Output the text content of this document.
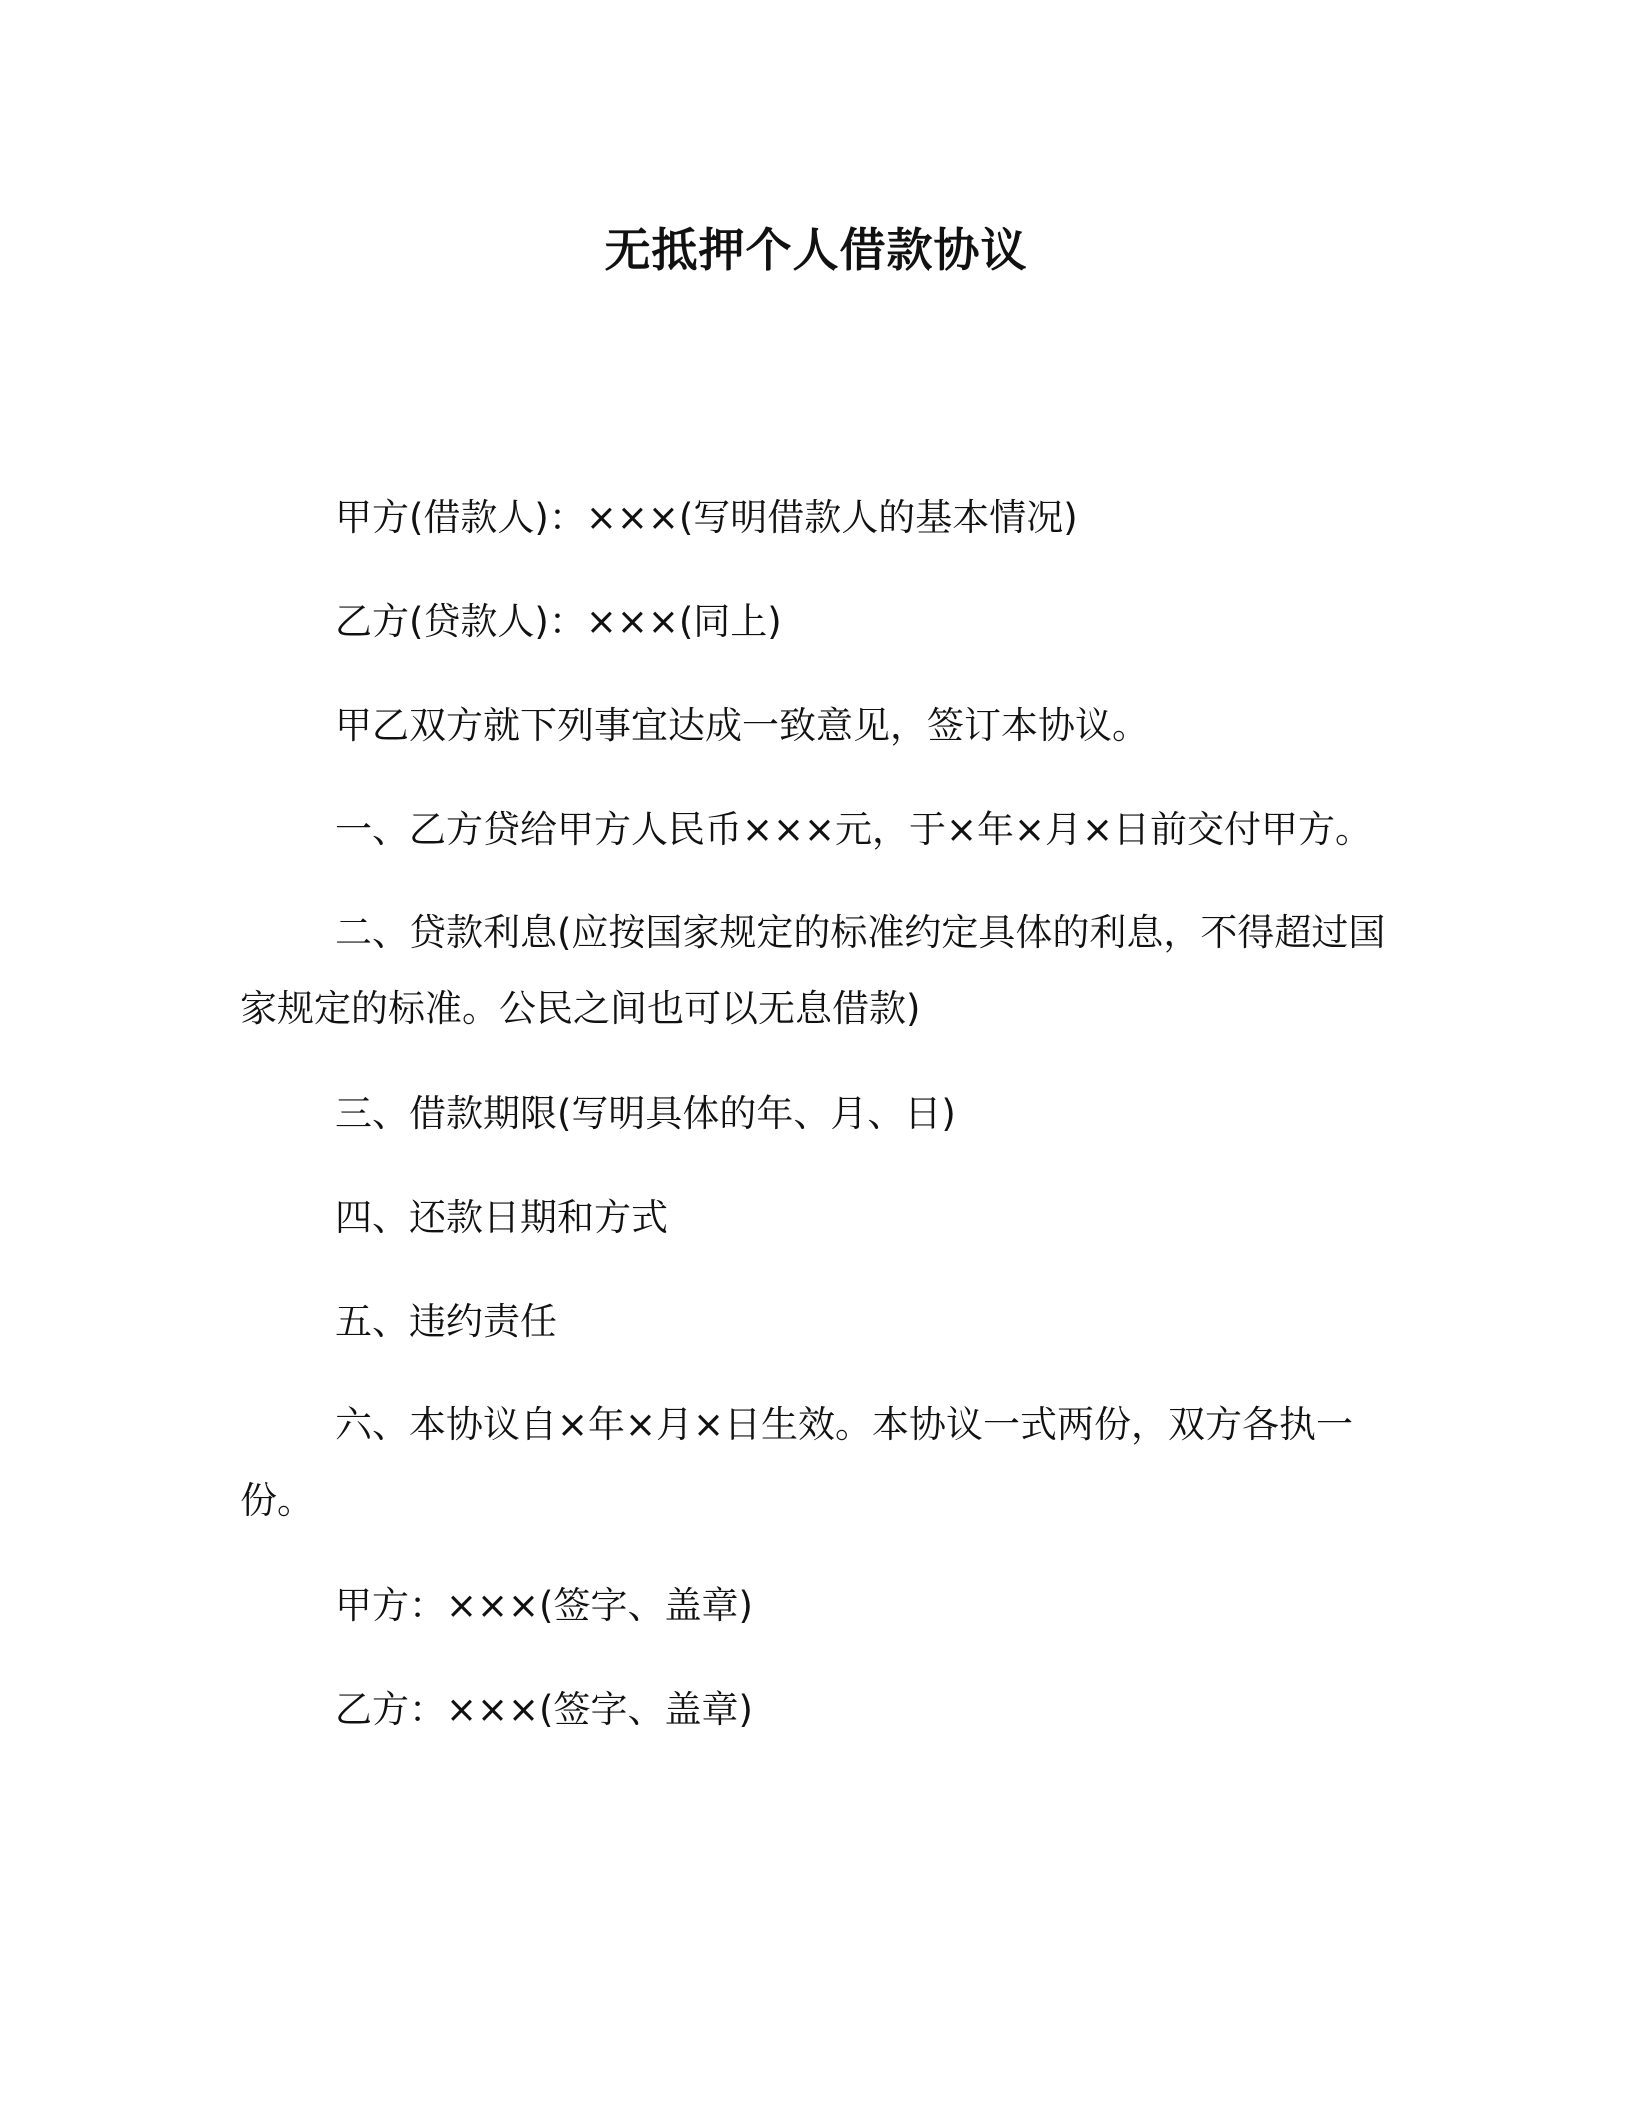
无抵押个人借款协议

甲方(借款人)：×××(写明借款人的基本情况)

乙方(贷款人)：×××(同上)

甲乙双方就下列事宜达成一致意见，签订本协议。

一、乙方贷给甲方人民币×××元，于×年×月×日前交付甲方。

二、贷款利息(应按国家规定的标准约定具体的利息，不得超过国家规定的标准。公民之间也可以无息借款)

三、借款期限(写明具体的年、月、日)

四、还款日期和方式

五、违约责任

六、本协议自×年×月×日生效。本协议一式两份，双方各执一份。

甲方：×××(签字、盖章)

乙方：×××(签字、盖章)
